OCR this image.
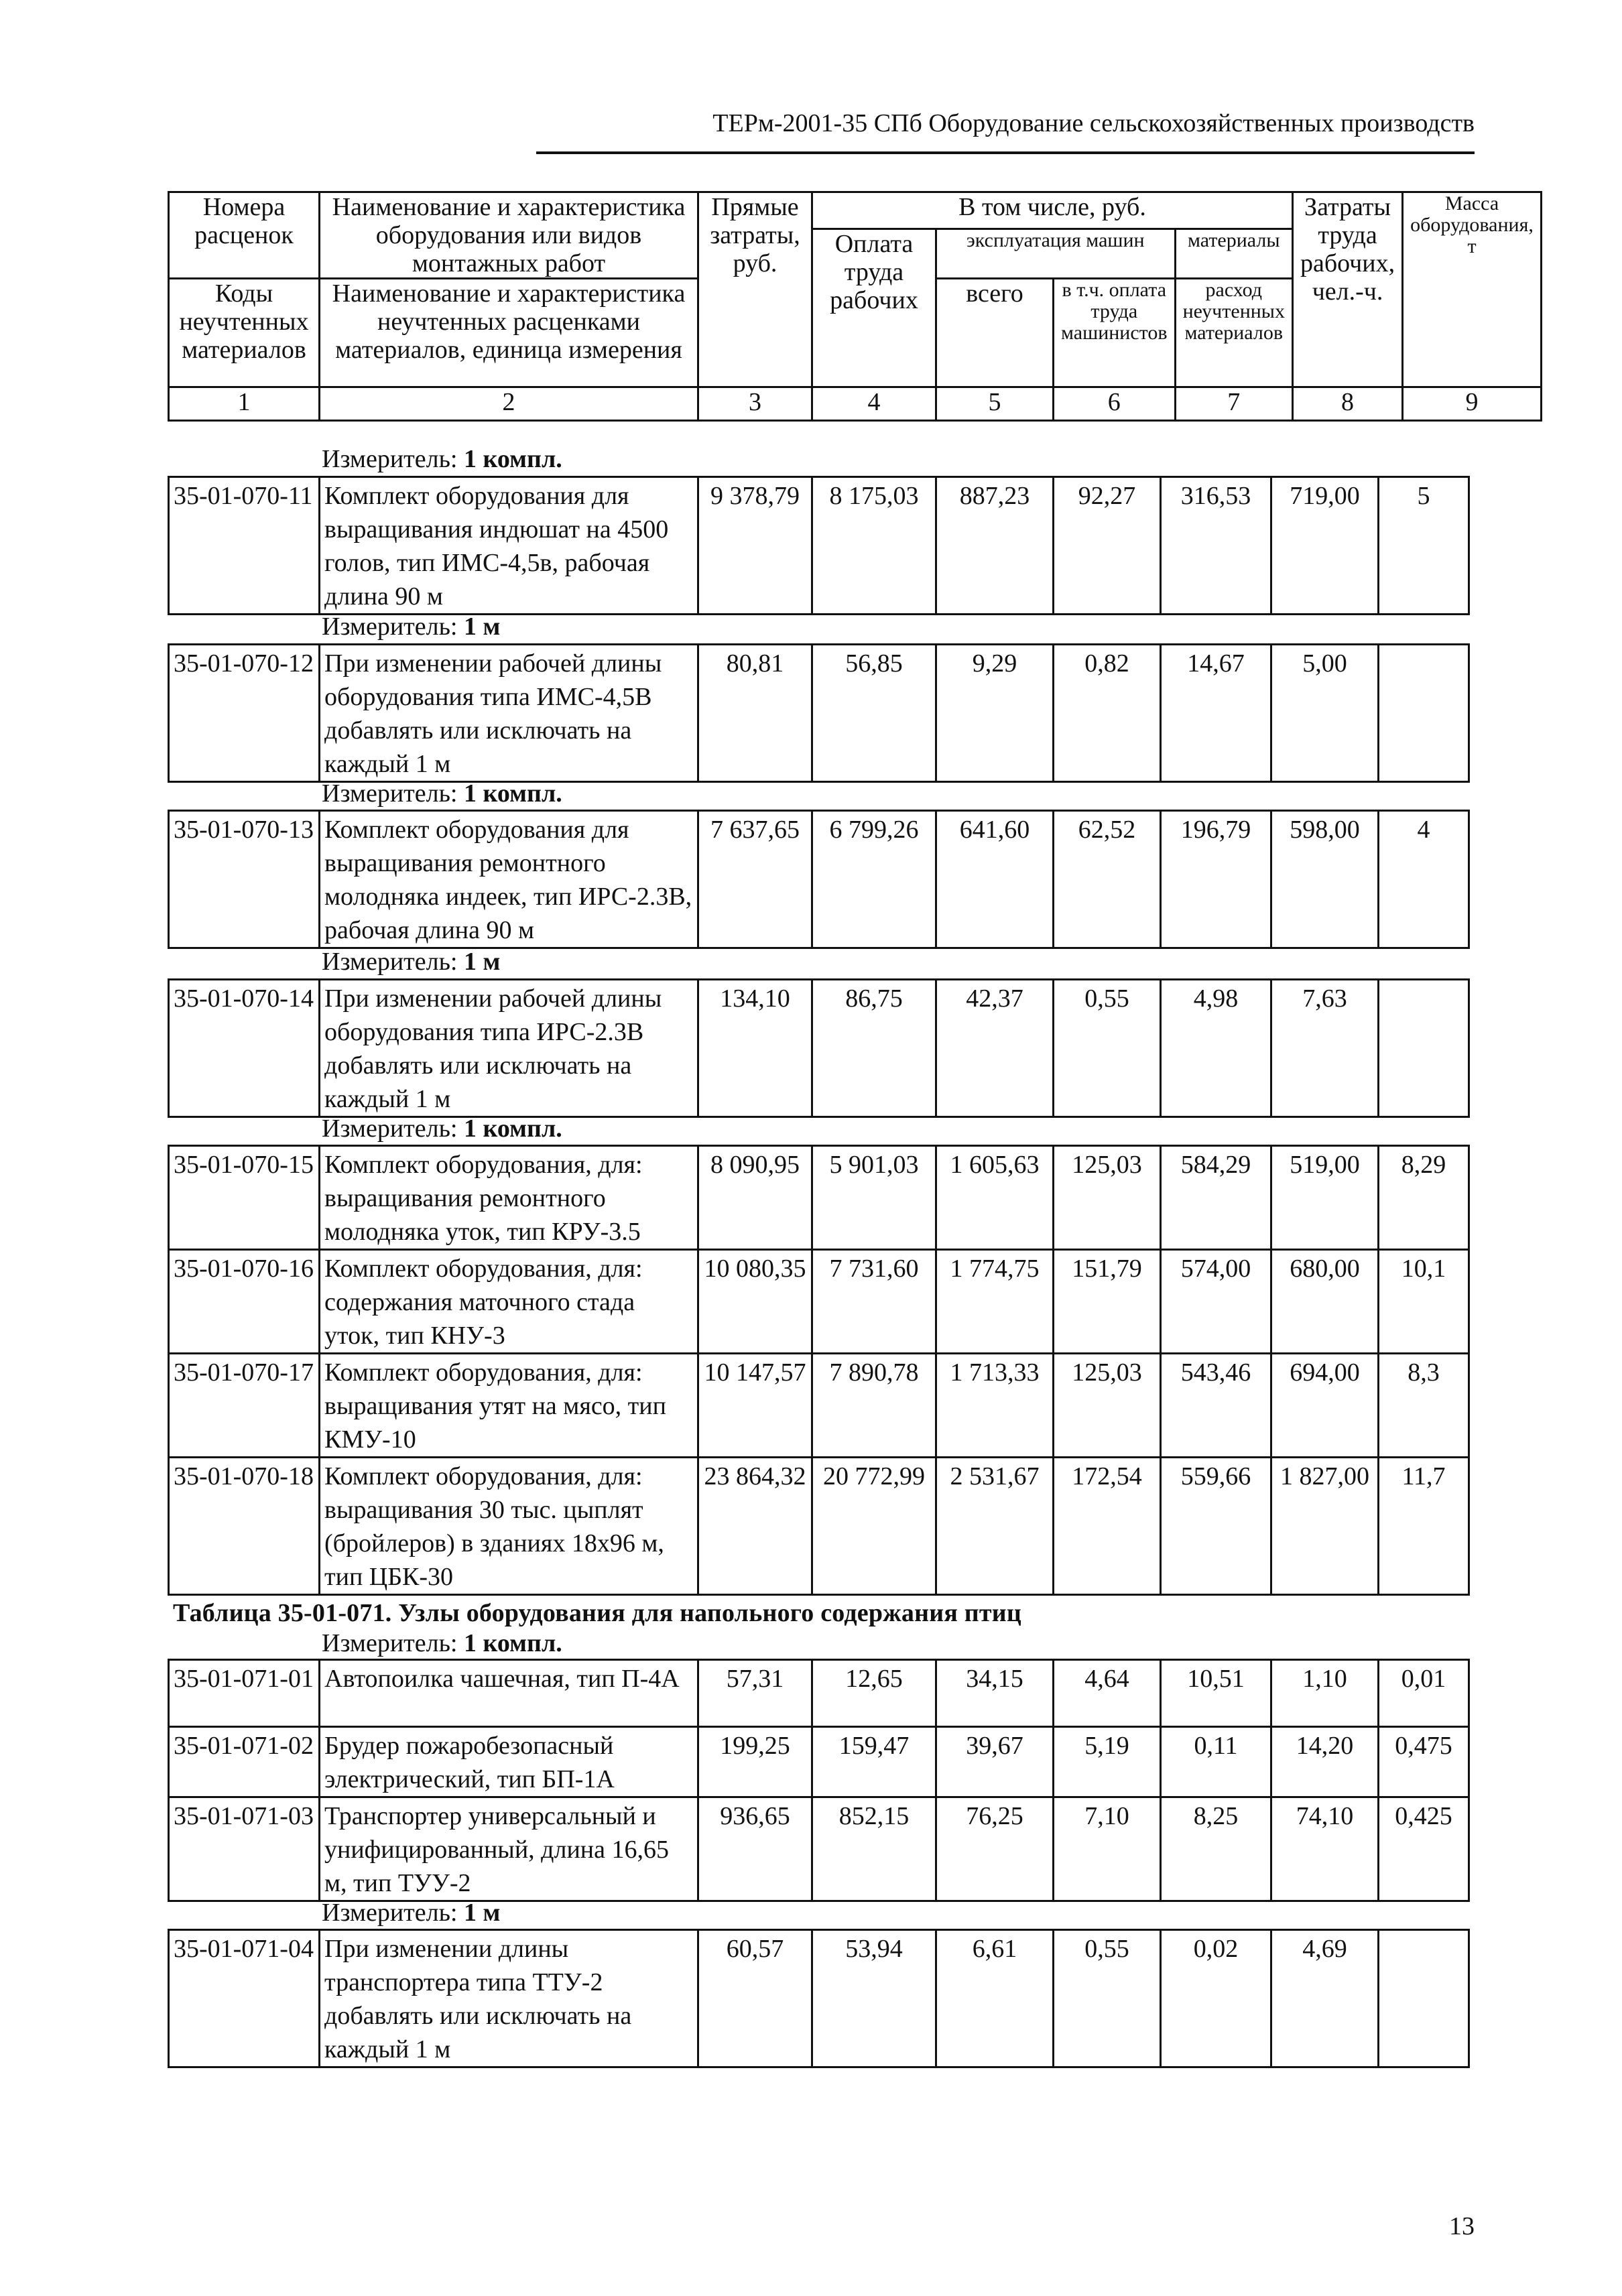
ТЕРм-2001-35 СПб Оборудование сельскохозяйственных производств
Номера расценок	Наименование и характеристика оборудования или видов монтажных работ	Прямые затраты, руб.	В том числе, руб.				Затраты труда рабочих, чел.-ч.	Масса оборудования, т
			Оплата труда рабочих	эксплуатация машин		материалы		
Коды неучтенных материалов	Наименование и характеристика неучтенных расценками материалов, единица измерения			всего	в т.ч. оплата труда машинистов	расход неучтенных материалов		

1	2	3	4	5	6	7	8	9
Измеритель: 1 компл.
Измеритель: 1 м
Измеритель: 1 компл.
Измеритель: 1 м
Измеритель: 1 компл.
Измеритель: 1 компл.
Измеритель: 1 м
Таблица 35-01-071. Узлы оборудования для напольного содержания птиц
35-01-070-11	Комплект оборудования для выращивания индюшат на 4500 голов, тип ИМС-4,5в, рабочая длина 90 м	9 378,79	8 175,03	887,23	92,27	316,53	719,00	5
35-01-070-12	При изменении рабочей длины оборудования типа ИМС-4,5В добавлять или исключать на каждый 1 м	80,81	56,85	9,29	0,82	14,67	5,00	
35-01-070-13	Комплект оборудования для выращивания ремонтного молодняка индеек, тип ИРС-2.3В, рабочая длина 90 м	7 637,65	6 799,26	641,60	62,52	196,79	598,00	4
35-01-070-14	При изменении рабочей длины оборудования типа ИРС-2.3В добавлять или исключать на каждый 1 м	134,10	86,75	42,37	0,55	4,98	7,63	
35-01-070-15	Комплект оборудования, для: выращивания ремонтного молодняка уток, тип КРУ-3.5	8 090,95	5 901,03	1 605,63	125,03	584,29	519,00	8,29
35-01-070-16	Комплект оборудования, для: содержания маточного стада уток, тип КНУ-3	10 080,35	7 731,60	1 774,75	151,79	574,00	680,00	10,1
35-01-070-17	Комплект оборудования, для: выращивания утят на мясо, тип КМУ-10	10 147,57	7 890,78	1 713,33	125,03	543,46	694,00	8,3
35-01-070-18	Комплект оборудования, для: выращивания 30 тыс. цыплят (бройлеров) в зданиях 18х96 м, тип ЦБК-30	23 864,32	20 772,99	2 531,67	172,54	559,66	1 827,00	11,7
35-01-071-01	Автопоилка чашечная, тип П-4А	57,31	12,65	34,15	4,64	10,51	1,10	0,01
35-01-071-02	Брудер пожаробезопасный электрический, тип БП-1А	199,25	159,47	39,67	5,19	0,11	14,20	0,475
35-01-071-03	Транспортер универсальный и унифицированный, длина 16,65 м, тип ТУУ-2	936,65	852,15	76,25	7,10	8,25	74,10	0,425
35-01-071-04	При изменении длины транспортера типа ТТУ-2 добавлять или исключать на каждый 1 м	60,57	53,94	6,61	0,55	0,02	4,69	
13
